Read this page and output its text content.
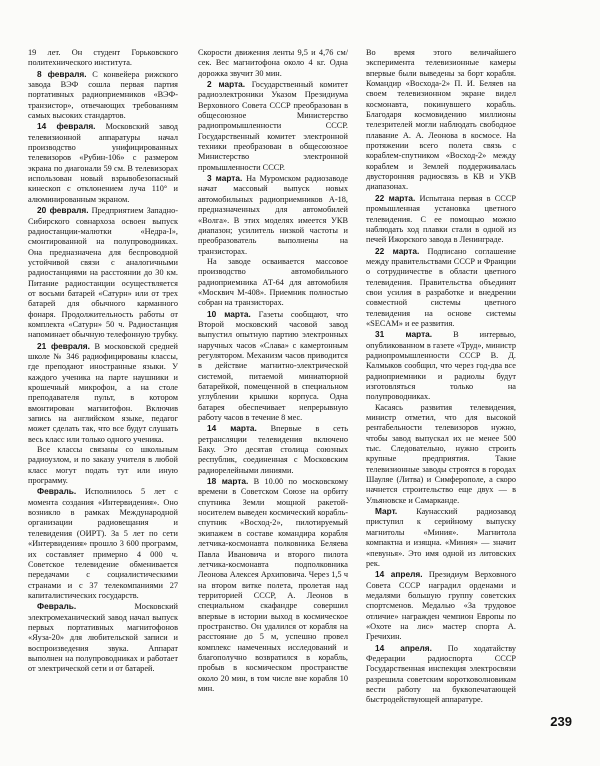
19 лет. Он студент Горьковского политехнического института.

8 февраля. С конвейера рижского завода ВЭФ сошла первая партия портативных радиоприемников «ВЭФ-транзистор», отвечающих требованиям самых высоких стандартов.

14 февраля. Московский завод телевизионной аппаратуры начал производство унифицированных телевизоров «Рубин-106» с размером экрана по диагонали 59 см. В телевизорах использован новый взрывобезопасный кинескоп с отклонением луча 110° и алюминированным экраном.

20 февраля. Предприятием Западно-Сибирского совнархоза освоен выпуск радиостанции-малютки «Недра-I», смонтированной на полупроводниках. Она предназначена для беспроводной устойчивой связи с аналогичными радиостанциями на расстоянии до 30 км. Питание радиостанции осуществляется от восьми батарей «Сатурн» или от трех батарей для обычного карманного фонаря. Продолжительность работы от комплекта «Сатурн» 50 ч. Радиостанция напоминает обычную телефонную трубку.

21 февраля. В московской средней школе № 346 радиофицированы классы, где преподают иностранные языки. У каждого ученика на парте наушники и крошечный микрофон, а на столе преподавателя пульт, в котором вмонтирован магнитофон. Включив запись на английском языке, педагог может сделать так, что все будут слушать весь класс или только одного ученика.

Все классы связаны со школьным радиоузлом, и по заказу учителя в любой класс могут подать тут или иную программу.

Февраль. Исполнилось 5 лет с момента создания «Интервидения». Оно возникло в рамках Международной организации радиовещания и телевидения (ОИРТ). За 5 лет по сети «Интервидения» прошло 3 600 программ, их составляет примерно 4 000 ч. Советское телевидение обменивается передачами с социалистическими странами и с 37 телекомпаниями 27 капиталистических государств.

Февраль. Московский электромеханический завод начал выпуск первых портативных магнитофонов «Яуза-20» для любительской записи и воспроизведения звука. Аппарат выполнен на полупроводниках и работает от электрической сети и от батарей.

Скорости движения ленты 9,5 и 4,76 см/сек. Вес магнитофона около 4 кг. Одна дорожка звучит 30 мин.

2 марта. Государственный комитет радиоэлектроники Указом Президиума Верховного Совета СССР преобразован в общесоюзное Министерство радиопромышленности СССР. Государственный комитет электронной техники преобразован в общесоюзное Министерство электронной промышленности СССР.

3 марта. На Муромском радиозаводе начат массовый выпуск новых автомобильных радиоприемников А-18, предназначенных для автомобилей «Волга». В этих моделях имеется УКВ диапазон; усилитель низкой частоты и преобразователь выполнены на транзисторах.

На заводе осваивается массовое производство автомобильного радиоприемника АТ-64 для автомобиля «Москвич М-408». Приемник полностью собран на транзисторах.

10 марта. Газеты сообщают, что Второй московский часовой завод выпустил опытную партию электронных наручных часов «Слава» с камертонным регулятором. Механизм часов приводится в действие магнитно-электрической системой, питаемой миниатюрной батарейкой, помещенной в специальном углублении крышки корпуса. Одна батарея обеспечивает непрерывную работу часов в течение 8 мес.

14 марта. Впервые в сеть ретрансляции телевидения включено Баку. Это десятая столица союзных республик, соединенная с Московским радиорелейными линиями.

18 марта. В 10.00 по московскому времени в Советском Союзе на орбиту спутника Земли мощной ракетой-носителем выведен космический корабль-спутник «Восход-2», пилотируемый экипажем в составе командира корабля летчика-космонавта полковника Беляева Павла Ивановича и второго пилота летчика-космонавта подполковника Леонова Алексея Архиповича. Через 1,5 ч на втором витке полета, пролетая над территорией СССР, А. Леонов в специальном скафандре совершил впервые в истории выход в космическое пространство. Он удалился от корабля на расстояние до 5 м, успешно провел комплекс намеченных исследований и благополучно возвратился в корабль, пробыв в космическом пространстве около 20 мин, в том числе вне корабля 10 мин.

Во время этого величайшего эксперимента телевизионные камеры впервые были выведены за борт корабля. Командир «Восхода-2» П. И. Беляев на своем телевизионном экране видел космонавта, покинувшего корабль. Благодаря космовидению миллионы телезрителей могли наблюдать свободное плавание А. А. Леонова в космосе. На протяжении всего полета связь с кораблем-спутником «Восход-2» между кораблем и Землей поддерживалась двусторонняя радиосвязь в КВ и УКВ диапазонах.

22 марта. Испытана первая в СССР промышленная установка цветного телевидения. С ее помощью можно наблюдать ход плавки стали в одной из печей Ижорского завода в Ленинграде.

22 марта. Подписано соглашение между правительствами СССР и Франции о сотрудничестве в области цветного телевидения. Правительства объединят свои усилия в разработке и внедрении совместной системы цветного телевидения на основе системы «SECAM» и ее развития.

31 марта. В интервью, опубликованном в газете «Труд», министр радиопромышленности СССР В. Д. Калмыков сообщил, что через год-два все радиоприемники и радиолы будут изготовляться только на полупроводниках.

Касаясь развития телевидения, министр отметил, что для высокой рентабельности телевизоров нужно, чтобы завод выпускал их не менее 500 тыс. Следовательно, нужно строить крупные предприятия. Такие телевизионные заводы строятся в городах Шауляе (Литва) и Симферополе, а скоро начнется строительство еще двух — в Ульяновске и Самарканде.

Март. Каунасский радиозавод приступил к серийному выпуску магнитолы «Миния». Магнитола компактна и изящна. «Миния» — значит «певунья». Это имя одной из литовских рек.

14 апреля. Президиум Верховного Совета СССР наградил орденами и медалями большую группу советских спортсменов. Медалью «За трудовое отличие» награжден чемпион Европы по «Охоте на лис» мастер спорта А. Гречихин.

14 апреля. По ходатайству Федерации радиоспорта СССР Государственная инспекция электросвязи разрешила советским коротковолновикам вести работу на буквопечатающей быстродействующей аппаратуре.

239
